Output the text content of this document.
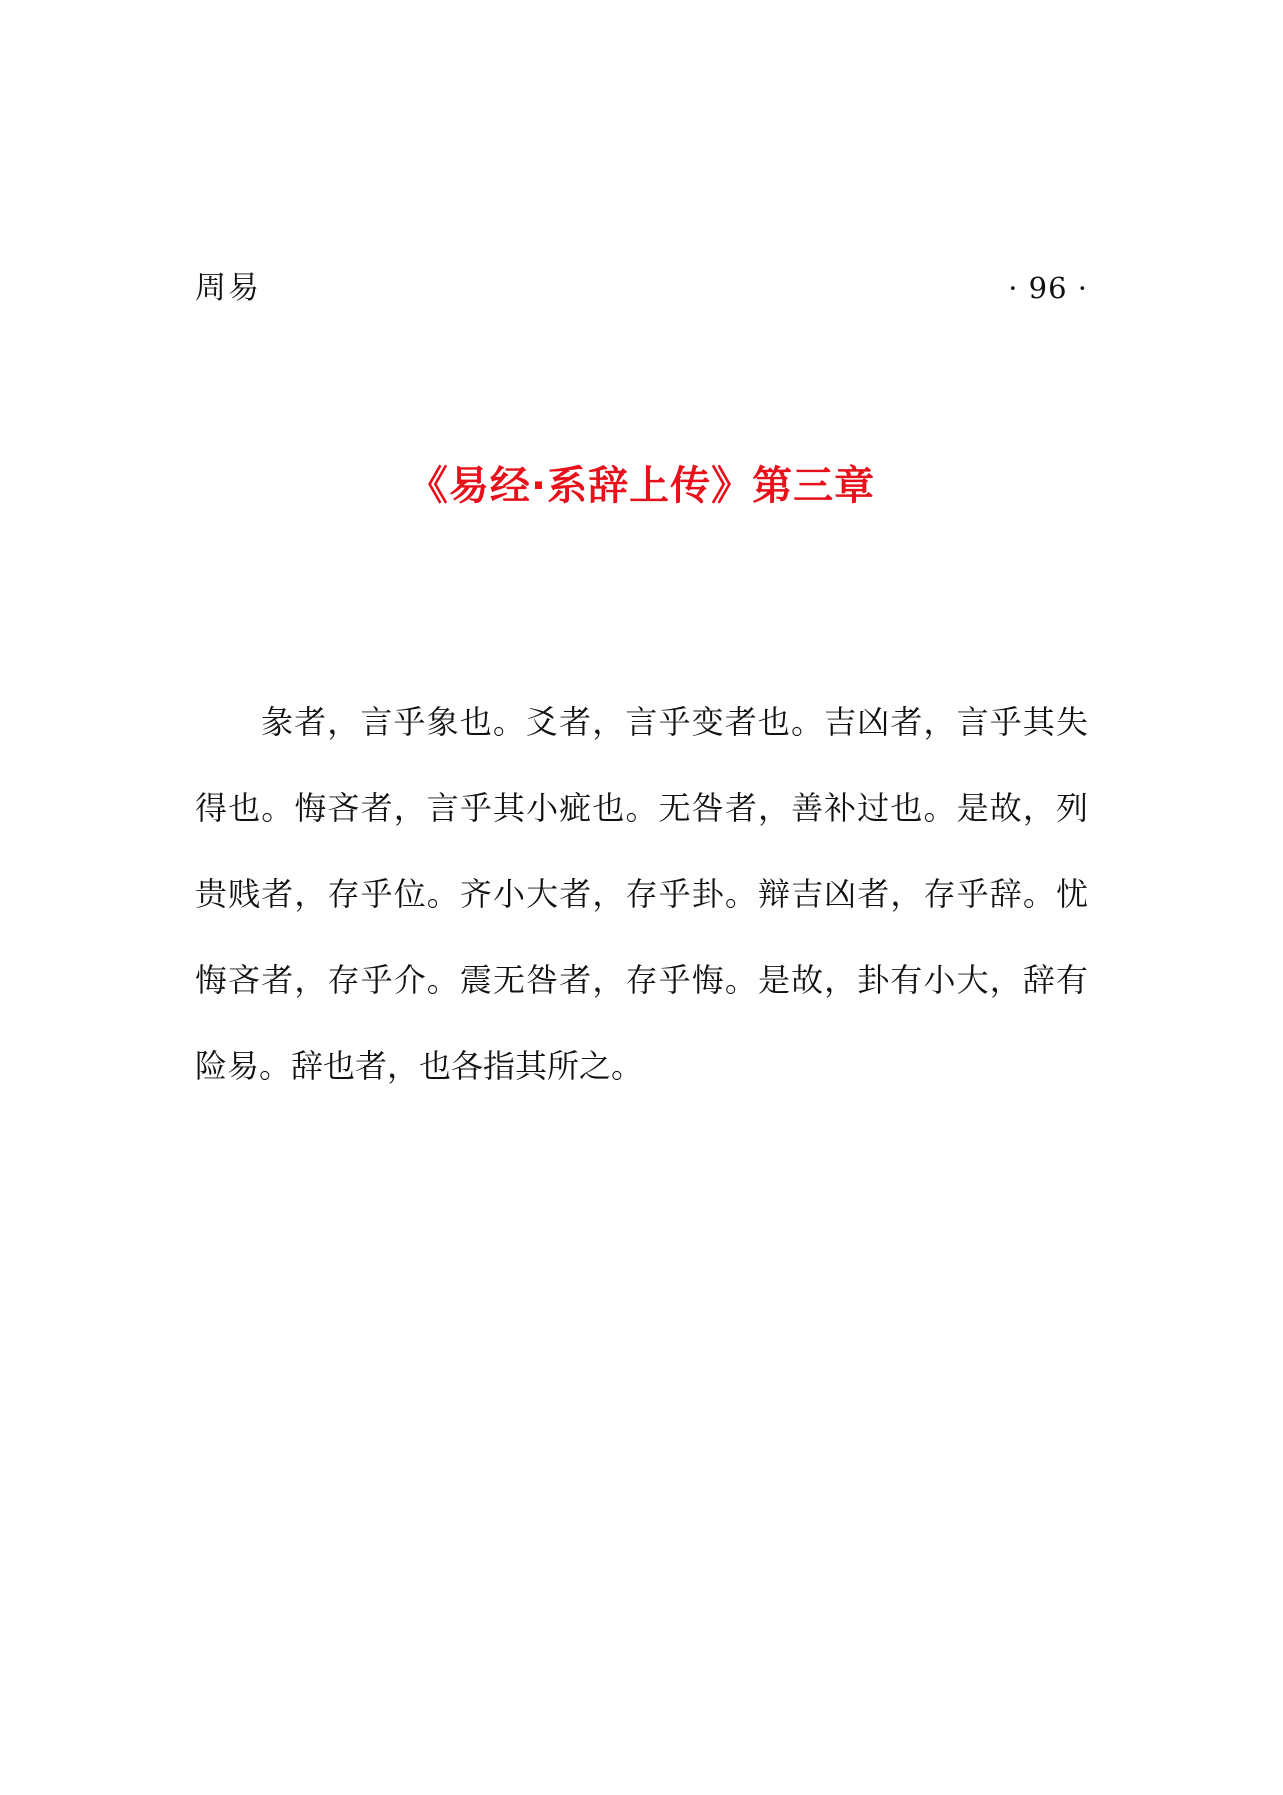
周易	· 96 ·
《易经·系辞上传》第三章

彖者，言乎象也。爻者，言乎变者也。吉凶者，言乎其失得也。悔吝者，言乎其小疵也。无咎者，善补过也。是故，列贵贱者，存乎位。齐小大者，存乎卦。辩吉凶者，存乎辞。忧悔吝者，存乎介。震无咎者，存乎悔。是故，卦有小大，辞有险易。辞也者，也各指其所之。
